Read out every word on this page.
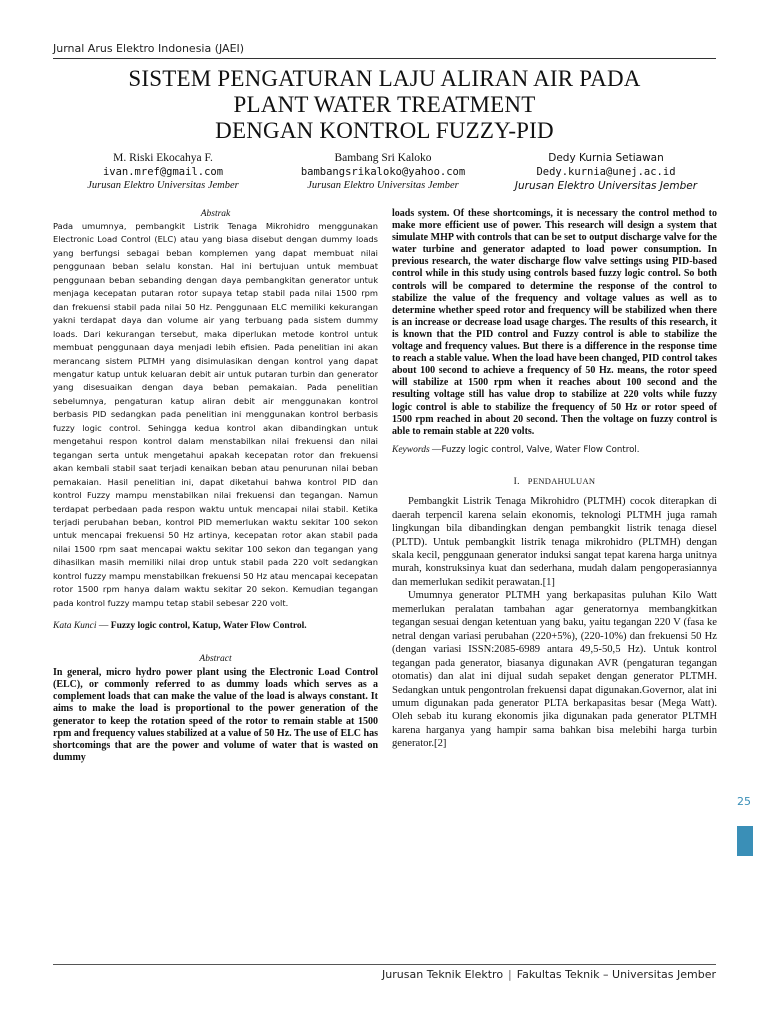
Jurnal Arus Elektro Indonesia (JAEI)
SISTEM PENGATURAN LAJU ALIRAN AIR PADA
PLANT WATER TREATMENT
DENGAN KONTROL FUZZY-PID
M. Riski Ekocahya F.
ivan.mref@gmail.com
Jurusan Elektro Universitas Jember
Bambang Sri Kaloko
bambangsrikaloko@yahoo.com
Jurusan Elektro Universitas Jember
Dedy Kurnia Setiawan
Dedy.kurnia@unej.ac.id
Jurusan Elektro Universitas Jember

Abstrak

Pada umumnya, pembangkit Listrik Tenaga Mikrohidro menggunakan Electronic Load Control (ELC) atau yang biasa disebut dengan dummy loads yang berfungsi sebagai beban komplemen yang dapat membuat nilai penggunaan beban selalu konstan. Hal ini bertujuan untuk membuat penggunaan beban sebanding dengan daya pembangkitan generator untuk menjaga kecepatan putaran rotor supaya tetap stabil pada nilai 1500 rpm dan frekuensi stabil pada nilai 50 Hz. Penggunaan ELC memiliki kekurangan yakni terdapat daya dan volume air yang terbuang pada sistem dummy loads. Dari kekurangan tersebut, maka diperlukan metode kontrol untuk membuat penggunaan daya menjadi lebih efisien. Pada penelitian ini akan merancang sistem PLTMH yang disimulasikan dengan kontrol yang dapat mengatur katup untuk keluaran debit air untuk putaran turbin dan generator yang disesuaikan dengan daya beban pemakaian. Pada penelitian sebelumnya, pengaturan katup aliran debit air menggunakan kontrol berbasis PID sedangkan pada penelitian ini menggunakan kontrol berbasis fuzzy logic control. Sehingga kedua kontrol akan dibandingkan untuk mengetahui respon kontrol dalam menstabilkan nilai frekuensi dan nilai tegangan serta untuk mengetahui apakah kecepatan rotor dan frekuensi akan kembali stabil saat terjadi kenaikan beban atau penurunan nilai beban pemakaian. Hasil penelitian ini, dapat diketahui bahwa kontrol PID dan kontrol Fuzzy mampu menstabilkan nilai frekuensi dan tegangan. Namun terdapat perbedaan pada respon waktu untuk mencapai nilai stabil. Ketika terjadi perubahan beban, kontrol PID memerlukan waktu sekitar 100 sekon untuk mencapai frekuensi 50 Hz artinya, kecepatan rotor akan stabil pada nilai 1500 rpm saat mencapai waktu sekitar 100 sekon dan tegangan yang dihasilkan masih memiliki nilai drop untuk stabil pada 220 volt sedangkan kontrol fuzzy mampu menstabilkan frekuensi 50 Hz atau mencapai kecepatan rotor 1500 rpm hanya dalam waktu sekitar 20 sekon. Kemudian tegangan pada kontrol fuzzy mampu tetap stabil sebesar 220 volt.

Kata Kunci — Fuzzy logic control, Katup, Water Flow Control.

Abstract

In general, micro hydro power plant using the Electronic Load Control (ELC), or commonly referred to as dummy loads which serves as a complement loads that can make the value of the load is always constant. It aims to make the load is proportional to the power generation of the generator to keep the rotation speed of the rotor to remain stable at 1500 rpm and frequency values stabilized at a value of 50 Hz. The use of ELC has shortcomings that are the power and volume of water that is wasted on dummy

loads system. Of these shortcomings, it is necessary the control method to make more efficient use of power. This research will design a system that simulate MHP with controls that can be set to output discharge valve for the water turbine and generator adapted to load power consumption. In previous research, the water discharge flow valve settings using PID-based control while in this study using controls based fuzzy logic control. So both controls will be compared to determine the response of the control to stabilize the value of the frequency and voltage values as well as to determine whether speed rotor and frequency will be stabilized when there is an increase or decrease load usage charges. The results of this research, it is known that the PID control and Fuzzy control is able to stabilize the voltage and frequency values. But there is a difference in the response time to reach a stable value. When the load have been changed, PID control takes about 100 second to achieve a frequency of 50 Hz. means, the rotor speed will stabilize at 1500 rpm when it reaches about 100 second and the resulting voltage still has value drop to stabilize at 220 volts while fuzzy logic control is able to stabilize the frequency of 50 Hz or rotor speed of 1500 rpm reached in about 20 second. Then the voltage on fuzzy control is able to remain stable at 220 volts.

Keywords —Fuzzy logic control, Valve, Water Flow Control.

I. PENDAHULUAN

Pembangkit Listrik Tenaga Mikrohidro (PLTMH) cocok diterapkan di daerah terpencil karena selain ekonomis, teknologi PLTMH juga ramah lingkungan bila dibandingkan dengan pembangkit listrik tenaga diesel (PLTD). Untuk pembangkit listrik tenaga mikrohidro (PLTMH) dengan skala kecil, penggunaan generator induksi sangat tepat karena harga unitnya murah, konstruksinya kuat dan sederhana, mudah dalam pengoperasiannya dan memerlukan sedikit perawatan.[1]

Umumnya generator PLTMH yang berkapasitas puluhan Kilo Watt memerlukan peralatan tambahan agar generatornya membangkitkan tegangan sesuai dengan ketentuan yang baku, yaitu tegangan 220 V (fasa ke netral dengan variasi perubahan (220+5%), (220-10%) dan frekuensi 50 Hz (dengan variasi ISSN:2085-6989 antara 49,5-50,5 Hz). Untuk kontrol tegangan pada generator, biasanya digunakan AVR (pengaturan tegangan otomatis) dan alat ini dijual sudah sepaket dengan generator PLTMH. Sedangkan untuk pengontrolan frekuensi dapat digunakan.Governor, alat ini umum digunakan pada generator PLTA berkapasitas besar (Mega Watt). Oleh sebab itu kurang ekonomis jika digunakan pada generator PLTMH karena harganya yang hampir sama bahkan bisa melebihi harga turbin generator.[2]

25
Jurusan Teknik Elektro | Fakultas Teknik – Universitas Jember
